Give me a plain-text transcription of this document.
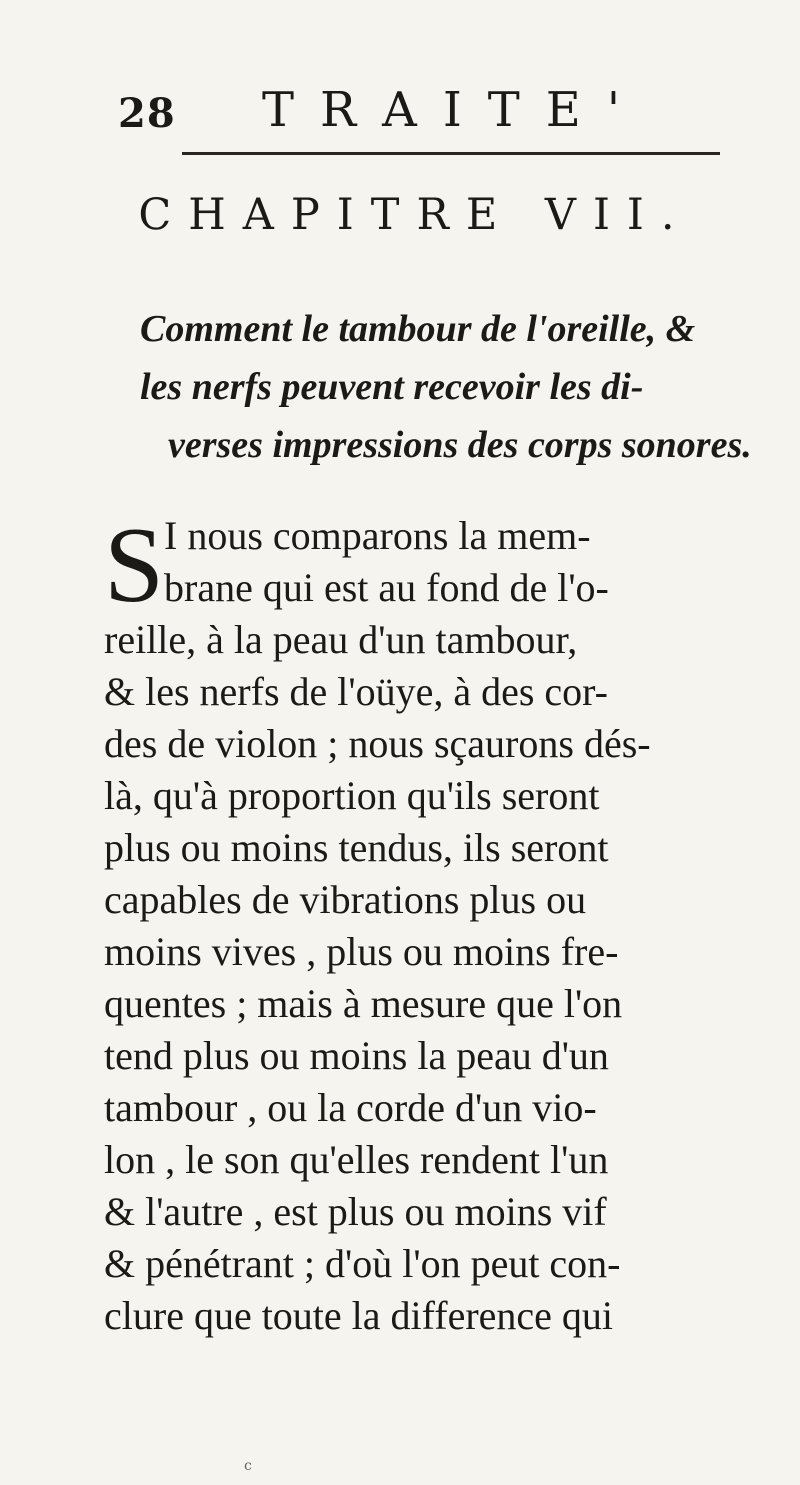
28 TRAITE'
CHAPITRE VII.
Comment le tambour de l'oreille, &
les nerfs peuvent recevoir les di-
verses impressions des corps sonores.
S I nous comparons la mem-
brane qui est au fond de l'o-
reille, à la peau d'un tambour,
& les nerfs de l'oüye, à des cor-
des de violon ; nous sçaurons dés-
là, qu'à proportion qu'ils seront
plus ou moins tendus, ils seront
capables de vibrations plus ou
moins vives , plus ou moins fre-
quentes ; mais à mesure que l'on
tend plus ou moins la peau d'un
tambour , ou la corde d'un vio-
lon , le son qu'elles rendent l'un
& l'autre , est plus ou moins vif
& pénétrant ; d'où l'on peut con-
clure que toute la difference qui
c
